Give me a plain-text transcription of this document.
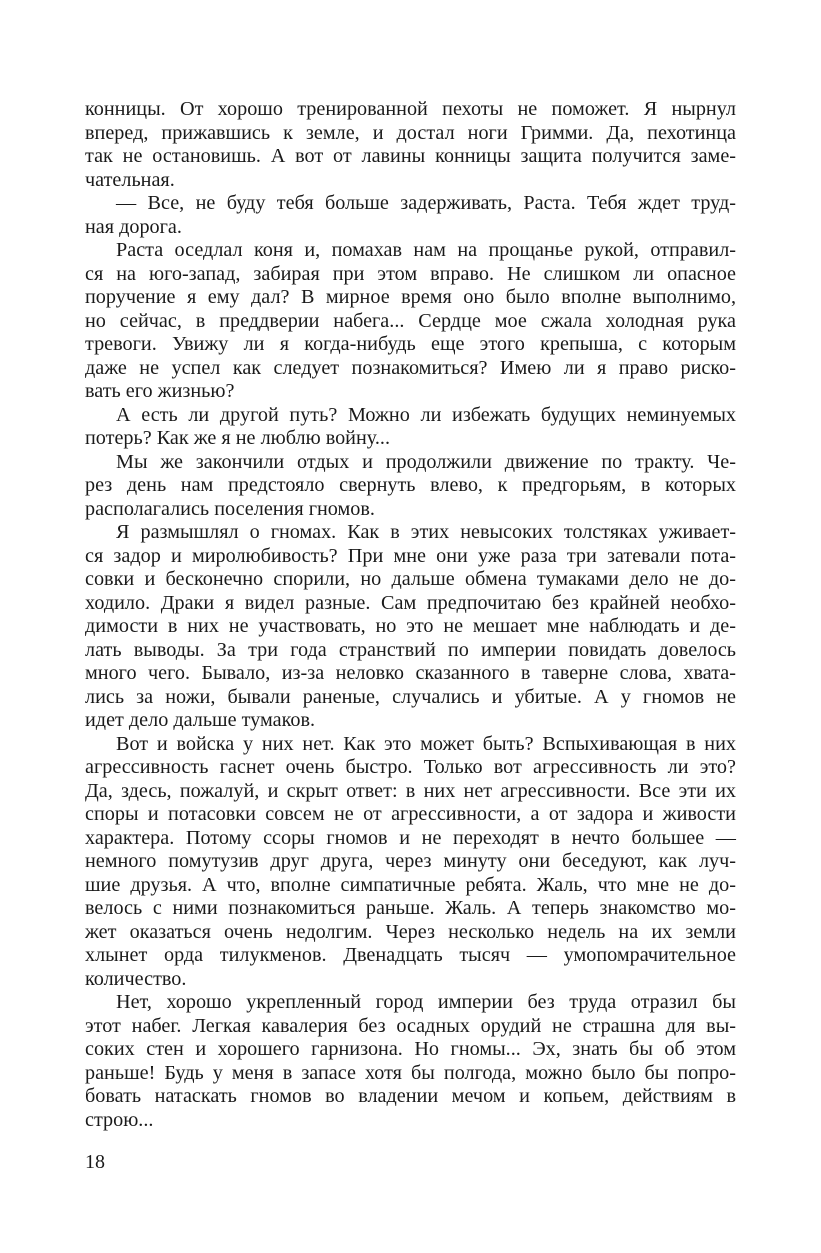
конницы. От хорошо тренированной пехоты не поможет. Я нырнул
вперед, прижавшись к земле, и достал ноги Гримми. Да, пехотинца
так не остановишь. А вот от лавины конницы защита получится заме-
чательная.
— Все, не буду тебя больше задерживать, Раста. Тебя ждет труд-
ная дорога.
Раста оседлал коня и, помахав нам на прощанье рукой, отправил-
ся на юго-запад, забирая при этом вправо. Не слишком ли опасное
поручение я ему дал? В мирное время оно было вполне выполнимо,
но сейчас, в преддверии набега... Сердце мое сжала холодная рука
тревоги. Увижу ли я когда-нибудь еще этого крепыша, с которым
даже не успел как следует познакомиться? Имею ли я право риско-
вать его жизнью?
А есть ли другой путь? Можно ли избежать будущих неминуемых
потерь? Как же я не люблю войну...
Мы же закончили отдых и продолжили движение по тракту. Че-
рез день нам предстояло свернуть влево, к предгорьям, в которых
располагались поселения гномов.
Я размышлял о гномах. Как в этих невысоких толстяках уживает-
ся задор и миролюбивость? При мне они уже раза три затевали пота-
совки и бесконечно спорили, но дальше обмена тумаками дело не до-
ходило. Драки я видел разные. Сам предпочитаю без крайней необхо-
димости в них не участвовать, но это не мешает мне наблюдать и де-
лать выводы. За три года странствий по империи повидать довелось
много чего. Бывало, из-за неловко сказанного в таверне слова, хвата-
лись за ножи, бывали раненые, случались и убитые. А у гномов не
идет дело дальше тумаков.
Вот и войска у них нет. Как это может быть? Вспыхивающая в них
агрессивность гаснет очень быстро. Только вот агрессивность ли это?
Да, здесь, пожалуй, и скрыт ответ: в них нет агрессивности. Все эти их
споры и потасовки совсем не от агрессивности, а от задора и живости
характера. Потому ссоры гномов и не переходят в нечто большее —
немного помутузив друг друга, через минуту они беседуют, как луч-
шие друзья. А что, вполне симпатичные ребята. Жаль, что мне не до-
велось с ними познакомиться раньше. Жаль. А теперь знакомство мо-
жет оказаться очень недолгим. Через несколько недель на их земли
хлынет орда тилукменов. Двенадцать тысяч — умопомрачительное
количество.
Нет, хорошо укрепленный город империи без труда отразил бы
этот набег. Легкая кавалерия без осадных орудий не страшна для вы-
соких стен и хорошего гарнизона. Но гномы... Эх, знать бы об этом
раньше! Будь у меня в запасе хотя бы полгода, можно было бы попро-
бовать натаскать гномов во владении мечом и копьем, действиям в
строю...
18
